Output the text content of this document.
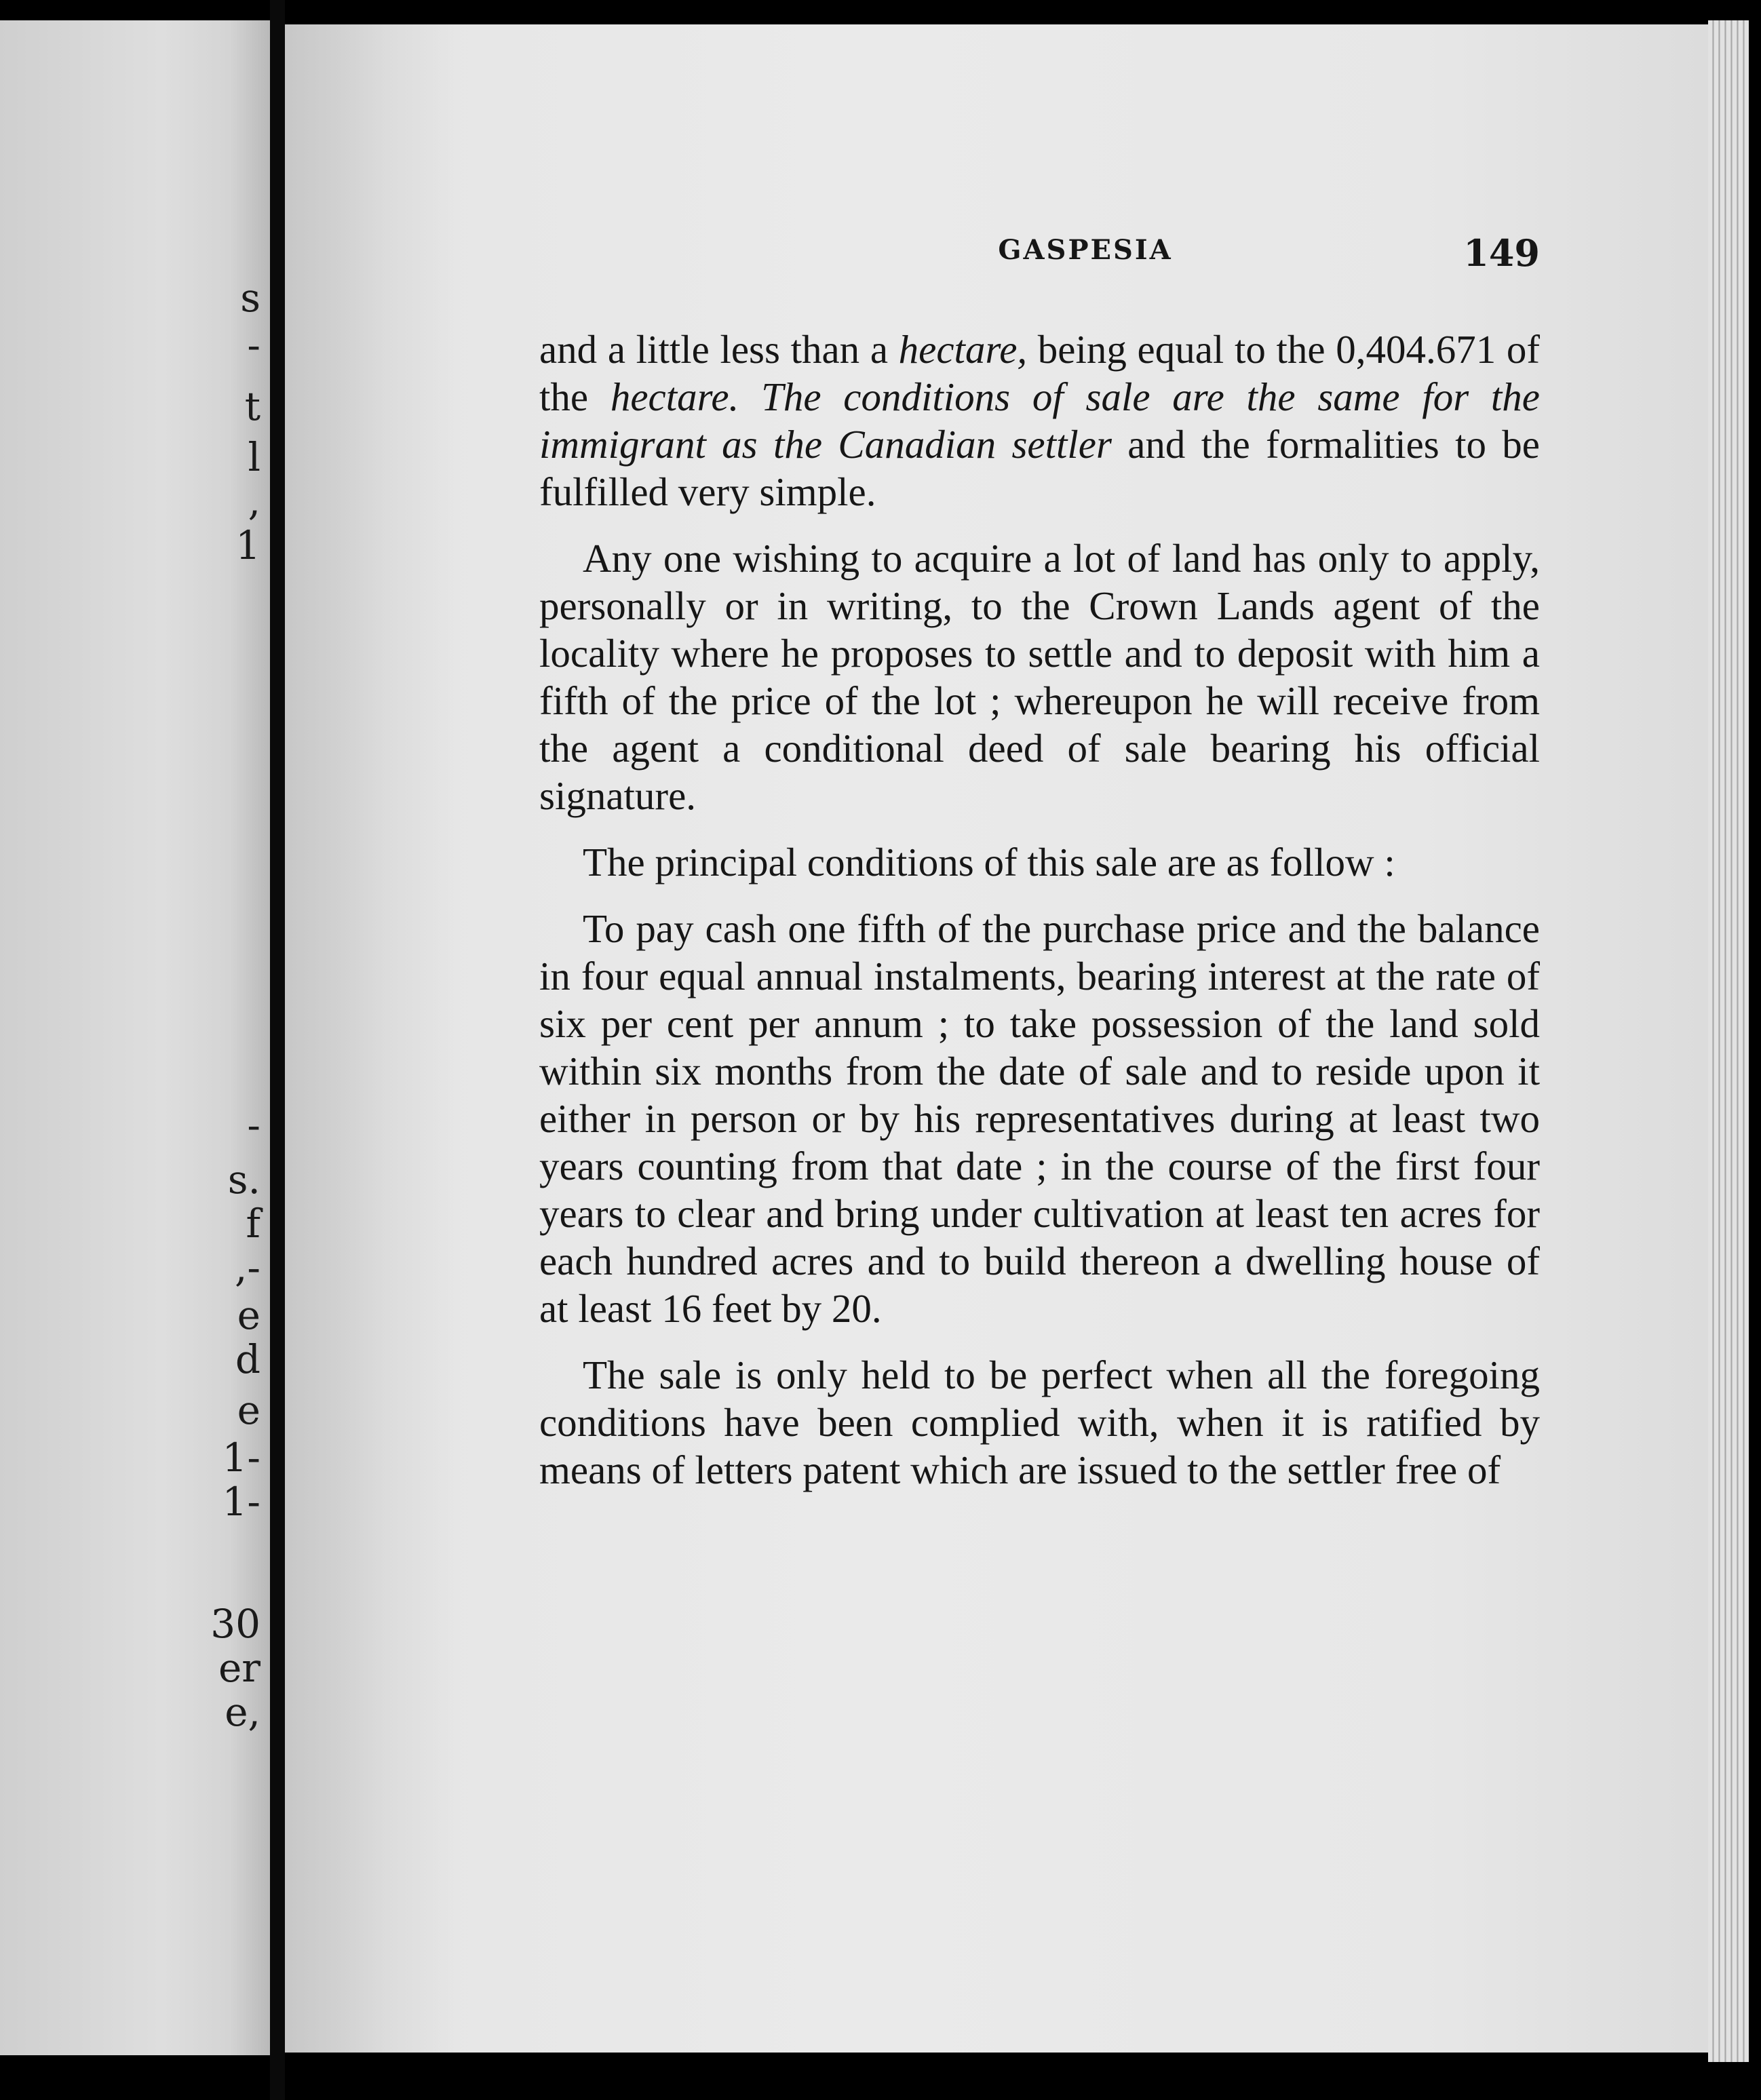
s
-
t
l
,
1
-
s.
f
,-
e
d
e
1-
1-
30
er
e,
GASPESIA	149

and a little less than a hectare, being equal to the 0,404.671 of the hectare. The conditions of sale are the same for the immigrant as the Canadian settler and the formalities to be fulfilled very simple.

Any one wishing to acquire a lot of land has only to apply, personally or in writing, to the Crown Lands agent of the locality where he proposes to settle and to deposit with him a fifth of the price of the lot ; whereupon he will receive from the agent a conditional deed of sale bearing his official signature.

The principal conditions of this sale are as follow :

To pay cash one fifth of the purchase price and the balance in four equal annual instalments, bearing interest at the rate of six per cent per annum ; to take possession of the land sold within six months from the date of sale and to reside upon it either in person or by his representatives during at least two years counting from that date ; in the course of the first four years to clear and bring under cultivation at least ten acres for each hundred acres and to build thereon a dwelling house of at least 16 feet by 20.

The sale is only held to be perfect when all the foregoing conditions have been complied with, when it is ratified by means of letters patent which are issued to the settler free of
